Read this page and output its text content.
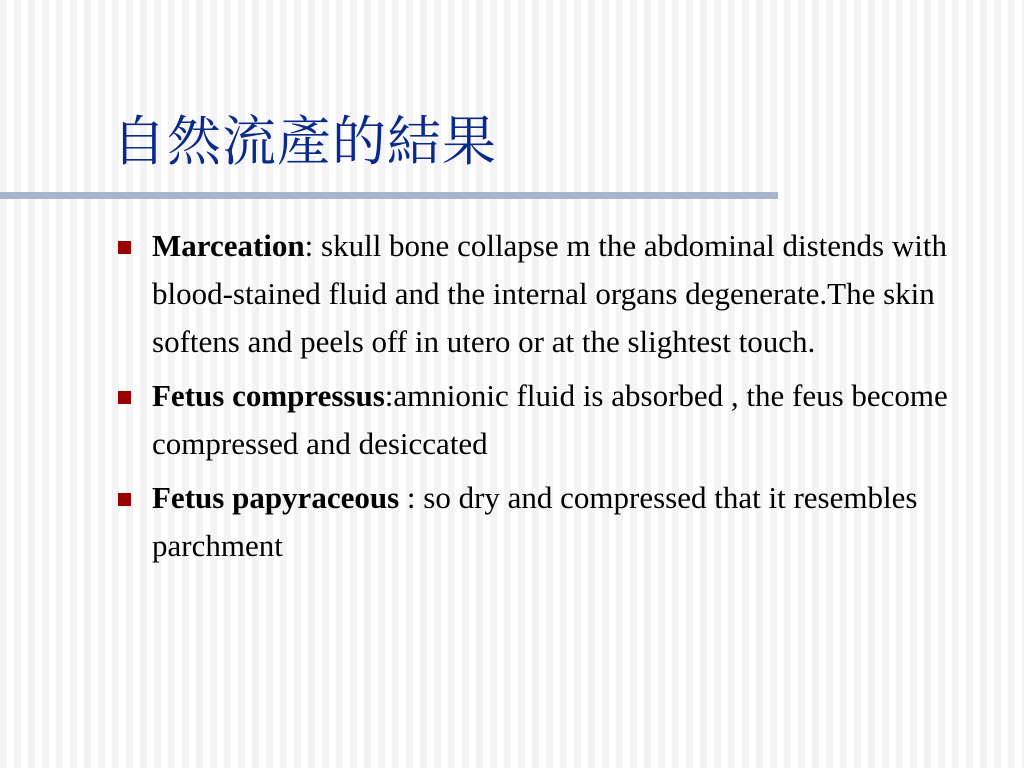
自然流產的結果
Marceation: skull bone collapse m the abdominal distends with blood-stained fluid and the internal organs degenerate.The skin softens and peels off in utero or at the slightest touch.
Fetus compressus:amnionic fluid is absorbed , the feus become compressed and desiccated
Fetus papyraceous : so dry and compressed that it resembles parchment
